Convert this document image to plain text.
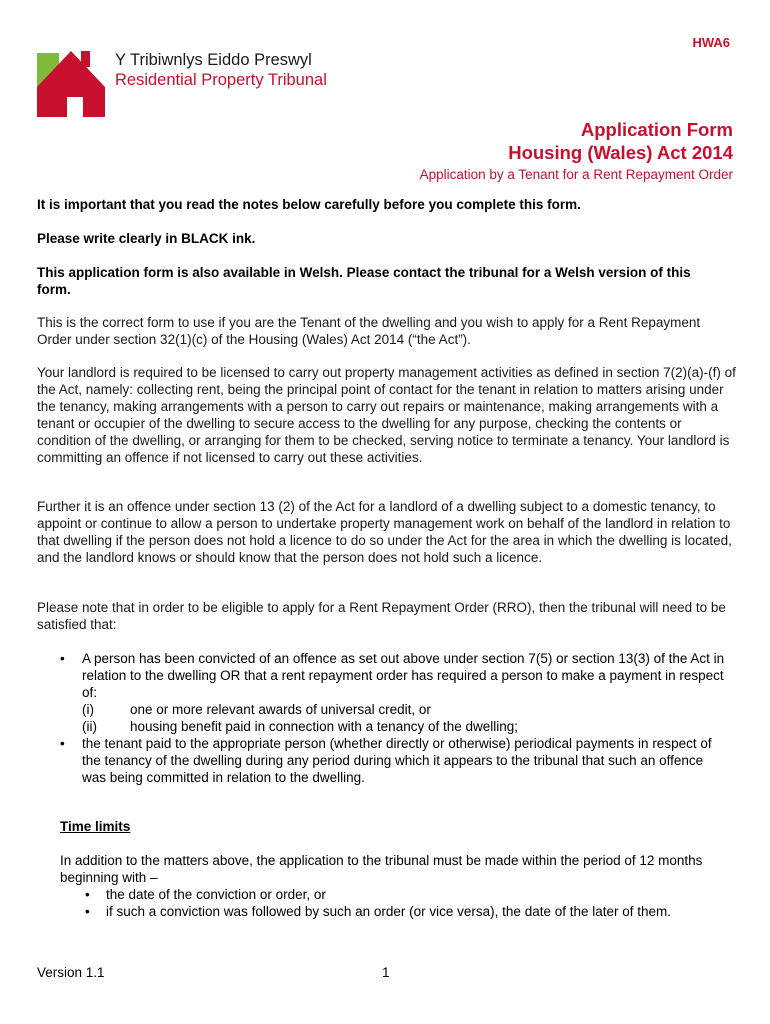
HWA6
Y Tribiwnlys Eiddo Preswyl
Residential Property Tribunal
Application Form
Housing (Wales) Act 2014
Application by a Tenant for a Rent Repayment Order
It is important that you read the notes below carefully before you complete this form.
Please write clearly in BLACK ink.
This application form is also available in Welsh. Please contact the tribunal for a Welsh version of this form.
This is the correct form to use if you are the Tenant of the dwelling and you wish to apply for a Rent Repayment Order under section 32(1)(c) of the Housing (Wales) Act 2014 (“the Act”).
Your landlord is required to be licensed to carry out property management activities as defined in section 7(2)(a)-(f) of the Act, namely: collecting rent, being the principal point of contact for the tenant in relation to matters arising under the tenancy, making arrangements with a person to carry out repairs or maintenance, making arrangements with a tenant or occupier of the dwelling to secure access to the dwelling for any purpose, checking the contents or condition of the dwelling, or arranging for them to be checked, serving notice to terminate a tenancy. Your landlord is committing an offence if not licensed to carry out these activities.
Further it is an offence under section 13 (2) of the Act for a landlord of a dwelling subject to a domestic tenancy, to appoint or continue to allow a person to undertake property management work on behalf of the landlord in relation to that dwelling if the person does not hold a licence to do so under the Act for the area in which the dwelling is located, and the landlord knows or should know that the person does not hold such a licence.
Please note that in order to be eligible to apply for a Rent Repayment Order (RRO), then the tribunal will need to be satisfied that:
• A person has been convicted of an offence as set out above under section 7(5) or section 13(3) of the Act in relation to the dwelling OR that a rent repayment order has required a person to make a payment in respect of:
(i)	one or more relevant awards of universal credit, or
(ii) housing benefit paid in connection with a tenancy of the dwelling;
• the tenant paid to the appropriate person (whether directly or otherwise) periodical payments in respect of the tenancy of the dwelling during any period during which it appears to the tribunal that such an offence was being committed in relation to the dwelling.
Time limits
In addition to the matters above, the application to the tribunal must be made within the period of 12 months beginning with –
• the date of the conviction or order, or
• if such a conviction was followed by such an order (or vice versa), the date of the later of them.
Version 1.1	1
